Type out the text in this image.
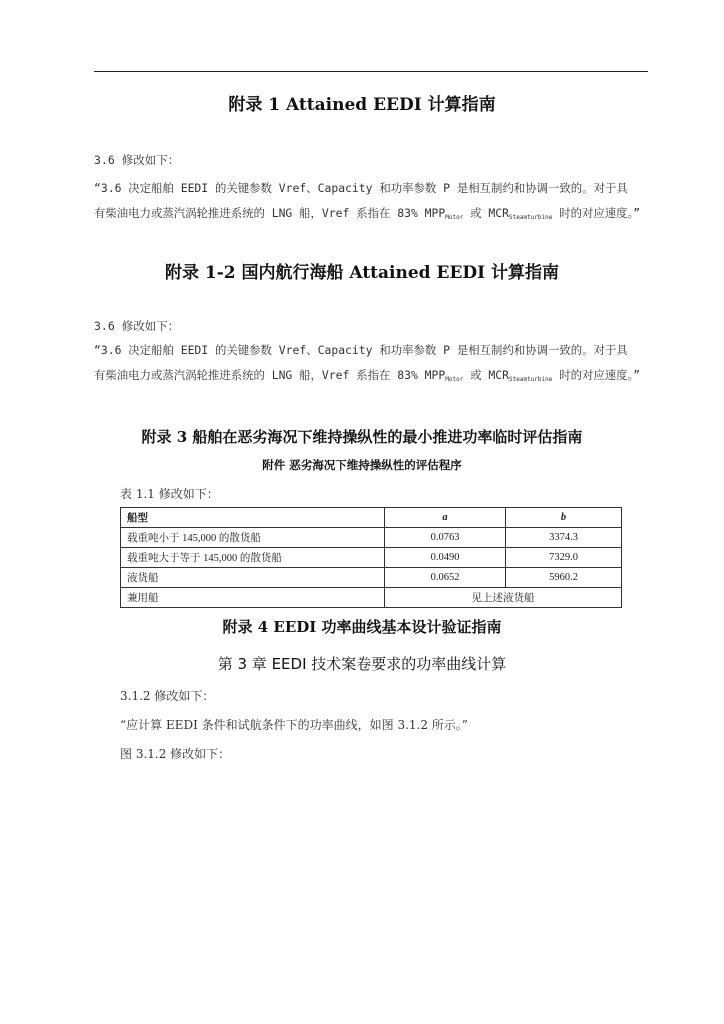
附录 1 Attained EEDI 计算指南
3.6 修改如下：
“3.6 决定船舶 EEDI 的关键参数 Vref、Capacity 和功率参数 P 是相互制约和协调一致的。对于具
有柴油电力或蒸汽涡轮推进系统的 LNG 船，Vref 系指在 83% MPPMotor 或 MCRSteamturbine 时的对应速度。”
附录 1-2 国内航行海船 Attained EEDI 计算指南
3.6 修改如下：
“3.6 决定船舶 EEDI 的关键参数 Vref、Capacity 和功率参数 P 是相互制约和协调一致的。对于具
有柴油电力或蒸汽涡轮推进系统的 LNG 船，Vref 系指在 83% MPPMotor 或 MCRSteamturbine 时的对应速度。”
附录 3 船舶在恶劣海况下维持操纵性的最小推进功率临时评估指南
附件 恶劣海况下维持操纵性的评估程序
表 1.1 修改如下：
船型	a	b
载重吨小于 145,000 的散货船	0.0763	3374.3
载重吨大于等于 145,000 的散货船	0.0490	7329.0
液货船	0.0652	5960.2
兼用船	见上述液货船	
附录 4 EEDI 功率曲线基本设计验证指南
第 3 章 EEDI 技术案卷要求的功率曲线计算
3.1.2 修改如下：
“应计算 EEDI 条件和试航条件下的功率曲线，如图 3.1.2 所示。”
图 3.1.2 修改如下：
